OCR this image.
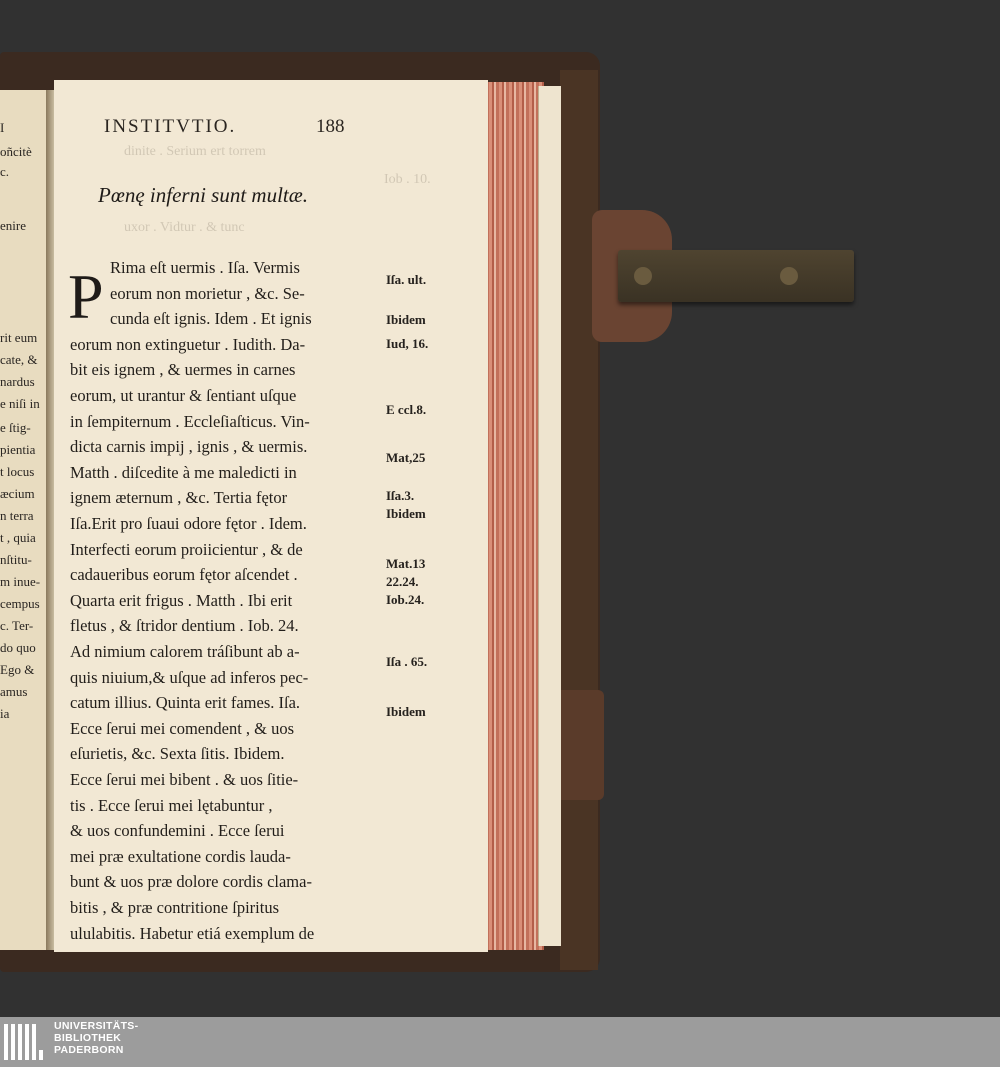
I
oñcitè
c.
enire
rit eum
cate, &
nardus
e niſi in
e ſtig-
pientia
t locus
æcium
n terra
t , quia
nſtitu-
m inue-
cempus
c. Ter-
do quo
Ego &
amus
ia
dinite . Serium ert torrem
uxor . Vidtur . & tunc
Iob . 10.
INSTITVTIO.	188
Pœnę inferni sunt multæ.
P Rima eſt uermis . Iſa. Vermis
eorum non morietur , &c. Se-
cunda eſt ignis. Idem . Et ignis
eorum non extinguetur . Iudith. Da-
bit eis ignem , & uermes in carnes
eorum, ut urantur & ſentiant uſque
in ſempiternum . Eccleſiaſticus. Vin-
dicta carnis impij , ignis , & uermis.
Matth . diſcedite à me maledicti in
ignem æternum , &c. Tertia fętor
Iſa.Erit pro ſuaui odore fętor . Idem.
Interfecti eorum proiicientur , & de
cadaueribus eorum fętor aſcendet .
Quarta erit frigus . Matth . Ibi erit
fletus , & ſtridor dentium . Iob. 24.
Ad nimium calorem tráſibunt ab a-
quis niuium,& uſque ad inferos pec-
catum illius. Quinta erit fames. Iſa.
Ecce ſerui mei comendent , & uos
eſurietis, &c. Sexta ſitis. Ibidem.
Ecce ſerui mei bibent . & uos ſitie-
tis . Ecce ſerui mei lętabuntur ,
& uos confundemini . Ecce ſerui
mei præ exultatione cordis lauda-
bunt & uos præ dolore cordis clama-
bitis , & præ contritione ſpiritus
ululabitis. Habetur etiá exemplum de
Iſa. ult.
Ibidem
Iud, 16.
E ccl.8.
Mat,25
Iſa.3.
Ibidem
Mat.13
22.24.
Iob.24.
Iſa . 65.
Ibidem
UNIVERSITÄTS-
BIBLIOTHEK
PADERBORN
